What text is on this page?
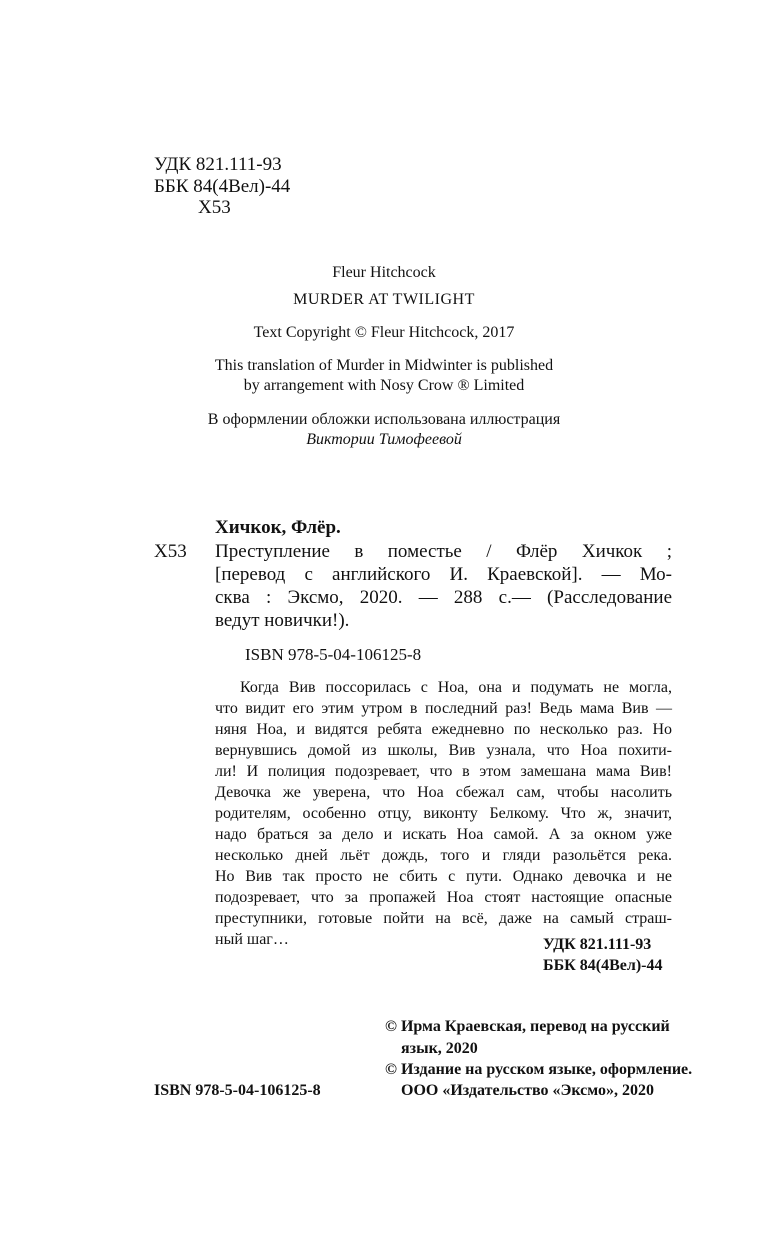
УДК 821.111-93
ББК 84(4Вел)-44
Х53
Fleur Hitchcock
MURDER AT TWILIGHT
Text Copyright © Fleur Hitchcock, 2017
This translation of Murder in Midwinter is published
by arrangement with Nosy Crow ® Limited
В оформлении обложки использована иллюстрация
Виктории Тимофеевой
Хичкок, Флёр.
Х53 Преступление в поместье / Флёр Хичкок ;
[перевод с английского И. Краевской]. — Мо-
сква : Эксмо, 2020. — 288 с.— (Расследование
ведут новички!).
ISBN 978-5-04-106125-8
Когда Вив поссорилась с Ноа, она и подумать не могла,
что видит его этим утром в последний раз! Ведь мама Вив —
няня Ноа, и видятся ребята ежедневно по несколько раз. Но
вернувшись домой из школы, Вив узнала, что Ноа похити-
ли! И полиция подозревает, что в этом замешана мама Вив!
Девочка же уверена, что Ноа сбежал сам, чтобы насолить
родителям, особенно отцу, виконту Белкому. Что ж, значит,
надо браться за дело и искать Ноа самой. А за окном уже
несколько дней льёт дождь, того и гляди разольётся река.
Но Вив так просто не сбить с пути. Однако девочка и не
подозревает, что за пропажей Ноа стоят настоящие опасные
преступники, готовые пойти на всё, даже на самый страш-
ный шаг…	УДК 821.111-93
ББК 84(4Вел)-44
ISBN 978-5-04-106125-8
© Ирма Краевская, перевод на русский
язык, 2020
© Издание на русском языке, оформление.
ООО «Издательство «Эксмо», 2020
